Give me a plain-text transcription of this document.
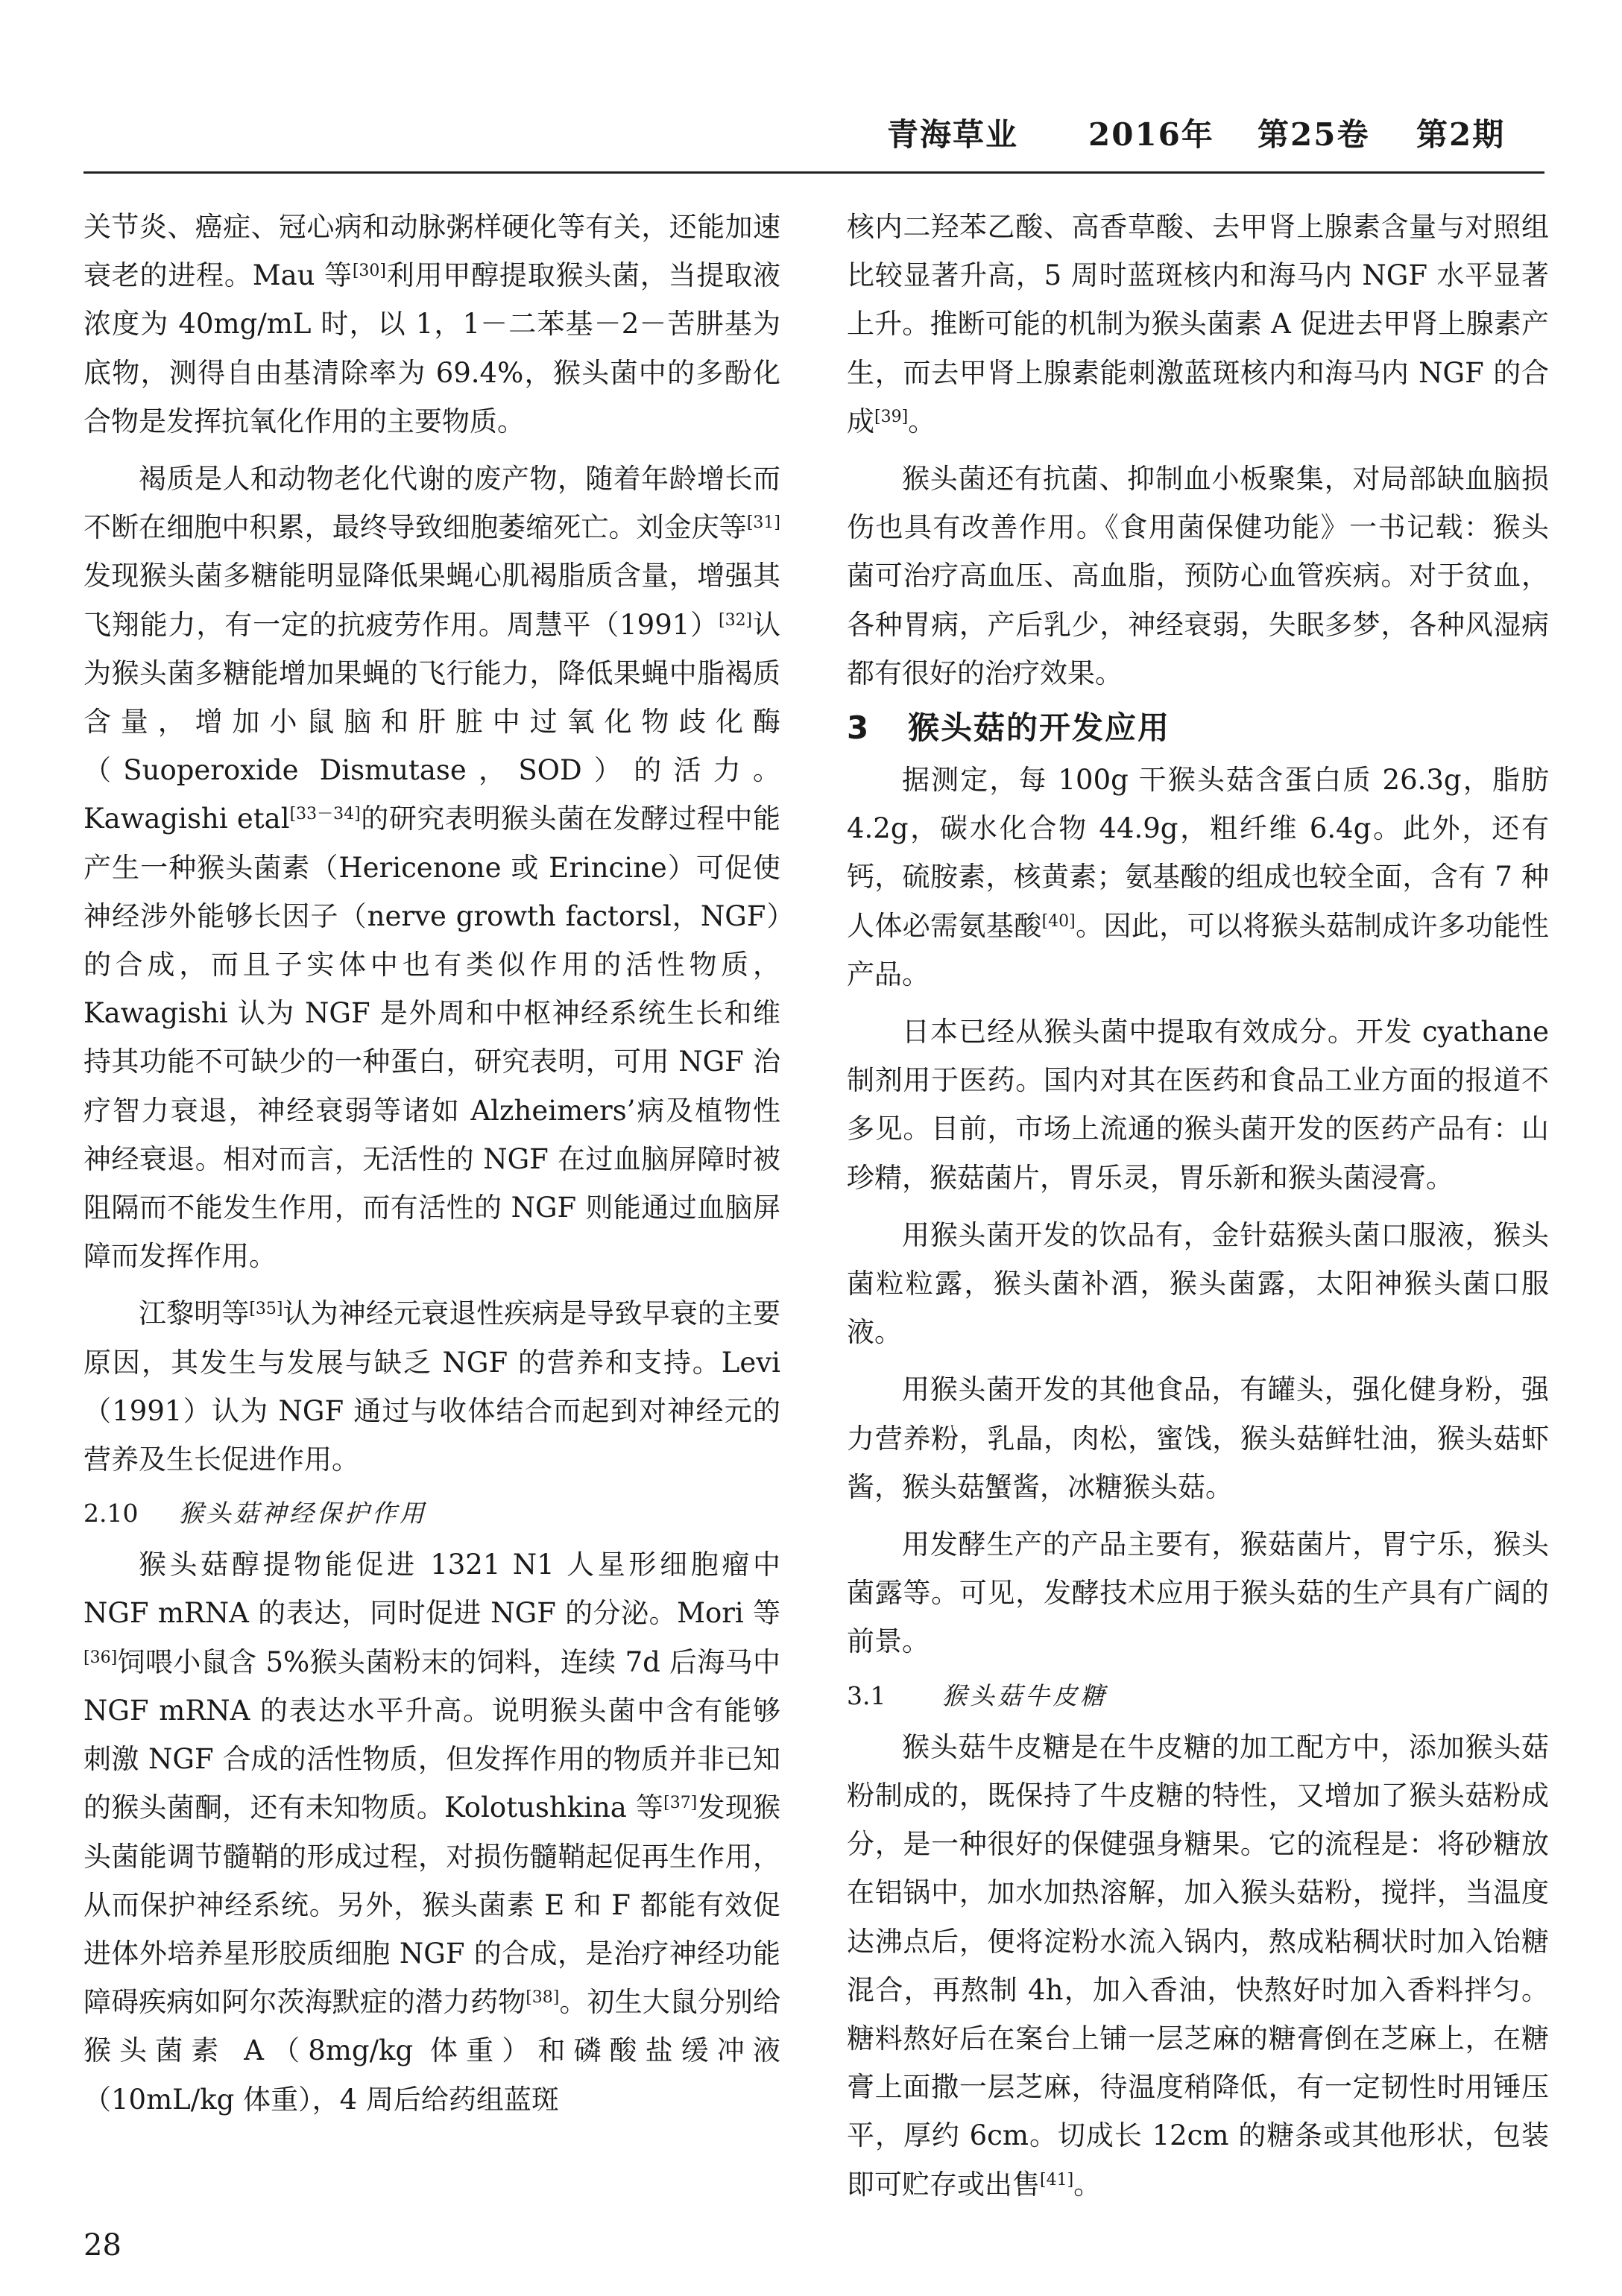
青海草业 2016年 第25卷 第2期

关节炎、癌症、冠心病和动脉粥样硬化等有关，还能加速衰老的进程。Mau 等[30]利用甲醇提取猴头菌，当提取液浓度为 40mg/mL 时，以 1，1－二苯基－2－苦肼基为底物，测得自由基清除率为 69.4%，猴头菌中的多酚化合物是发挥抗氧化作用的主要物质。

褐质是人和动物老化代谢的废产物，随着年龄增长而不断在细胞中积累，最终导致细胞萎缩死亡。刘金庆等[31]发现猴头菌多糖能明显降低果蝇心肌褐脂质含量，增强其飞翔能力，有一定的抗疲劳作用。周慧平（1991）[32]认为猴头菌多糖能增加果蝇的飞行能力，降低果蝇中脂褐质含量，增加小鼠脑和肝脏中过氧化物歧化酶（Suoperoxide Dismutase，SOD）的活力。Kawagishi etal[33－34]的研究表明猴头菌在发酵过程中能产生一种猴头菌素（Hericenone 或 Erincine）可促使神经涉外能够长因子（nerve growth factorsl，NGF）的合成，而且子实体中也有类似作用的活性物质，Kawagishi 认为 NGF 是外周和中枢神经系统生长和维持其功能不可缺少的一种蛋白，研究表明，可用 NGF 治疗智力衰退，神经衰弱等诸如 Alzheimers’病及植物性神经衰退。相对而言，无活性的 NGF 在过血脑屏障时被阻隔而不能发生作用，而有活性的 NGF 则能通过血脑屏障而发挥作用。

江黎明等[35]认为神经元衰退性疾病是导致早衰的主要原因，其发生与发展与缺乏 NGF 的营养和支持。Levi（1991）认为 NGF 通过与收体结合而起到对神经元的营养及生长促进作用。

2.10 猴头菇神经保护作用

猴头菇醇提物能促进 1321 N1 人星形细胞瘤中 NGF mRNA 的表达，同时促进 NGF 的分泌。Mori 等[36]饲喂小鼠含 5%猴头菌粉末的饲料，连续 7d 后海马中 NGF mRNA 的表达水平升高。说明猴头菌中含有能够刺激 NGF 合成的活性物质，但发挥作用的物质并非已知的猴头菌酮，还有未知物质。Kolotushkina 等[37]发现猴头菌能调节髓鞘的形成过程，对损伤髓鞘起促再生作用，从而保护神经系统。另外，猴头菌素 E 和 F 都能有效促进体外培养星形胶质细胞 NGF 的合成，是治疗神经功能障碍疾病如阿尔茨海默症的潜力药物[38]。初生大鼠分别给猴头菌素 A（8mg/kg 体重）和磷酸盐缓冲液（10mL/kg 体重），4 周后给药组蓝斑

核内二羟苯乙酸、高香草酸、去甲肾上腺素含量与对照组比较显著升高，5 周时蓝斑核内和海马内 NGF 水平显著上升。推断可能的机制为猴头菌素 A 促进去甲肾上腺素产生，而去甲肾上腺素能刺激蓝斑核内和海马内 NGF 的合成[39]。

猴头菌还有抗菌、抑制血小板聚集，对局部缺血脑损伤也具有改善作用。《食用菌保健功能》一书记载：猴头菌可治疗高血压、高血脂，预防心血管疾病。对于贫血，各种胃病，产后乳少，神经衰弱，失眠多梦，各种风湿病都有很好的治疗效果。

3 猴头菇的开发应用

据测定，每 100g 干猴头菇含蛋白质 26.3g，脂肪 4.2g，碳水化合物 44.9g，粗纤维 6.4g。此外，还有钙，硫胺素，核黄素；氨基酸的组成也较全面，含有 7 种人体必需氨基酸[40]。因此，可以将猴头菇制成许多功能性产品。

日本已经从猴头菌中提取有效成分。开发 cyathane 制剂用于医药。国内对其在医药和食品工业方面的报道不多见。目前，市场上流通的猴头菌开发的医药产品有：山珍精，猴菇菌片，胃乐灵，胃乐新和猴头菌浸膏。

用猴头菌开发的饮品有，金针菇猴头菌口服液，猴头菌粒粒露，猴头菌补酒，猴头菌露，太阳神猴头菌口服液。

用猴头菌开发的其他食品，有罐头，强化健身粉，强力营养粉，乳晶，肉松，蜜饯，猴头菇鲜牡油，猴头菇虾酱，猴头菇蟹酱，冰糖猴头菇。

用发酵生产的产品主要有，猴菇菌片，胃宁乐，猴头菌露等。可见，发酵技术应用于猴头菇的生产具有广阔的前景。

3.1 猴头菇牛皮糖

猴头菇牛皮糖是在牛皮糖的加工配方中，添加猴头菇粉制成的，既保持了牛皮糖的特性，又增加了猴头菇粉成分，是一种很好的保健强身糖果。它的流程是：将砂糖放在铝锅中，加水加热溶解，加入猴头菇粉，搅拌，当温度达沸点后，便将淀粉水流入锅内，熬成粘稠状时加入饴糖混合，再熬制 4h，加入香油，快熬好时加入香料拌匀。糖料熬好后在案台上铺一层芝麻的糖膏倒在芝麻上，在糖膏上面撒一层芝麻，待温度稍降低，有一定韧性时用锤压平，厚约 6cm。切成长 12cm 的糖条或其他形状，包装即可贮存或出售[41]。

28
